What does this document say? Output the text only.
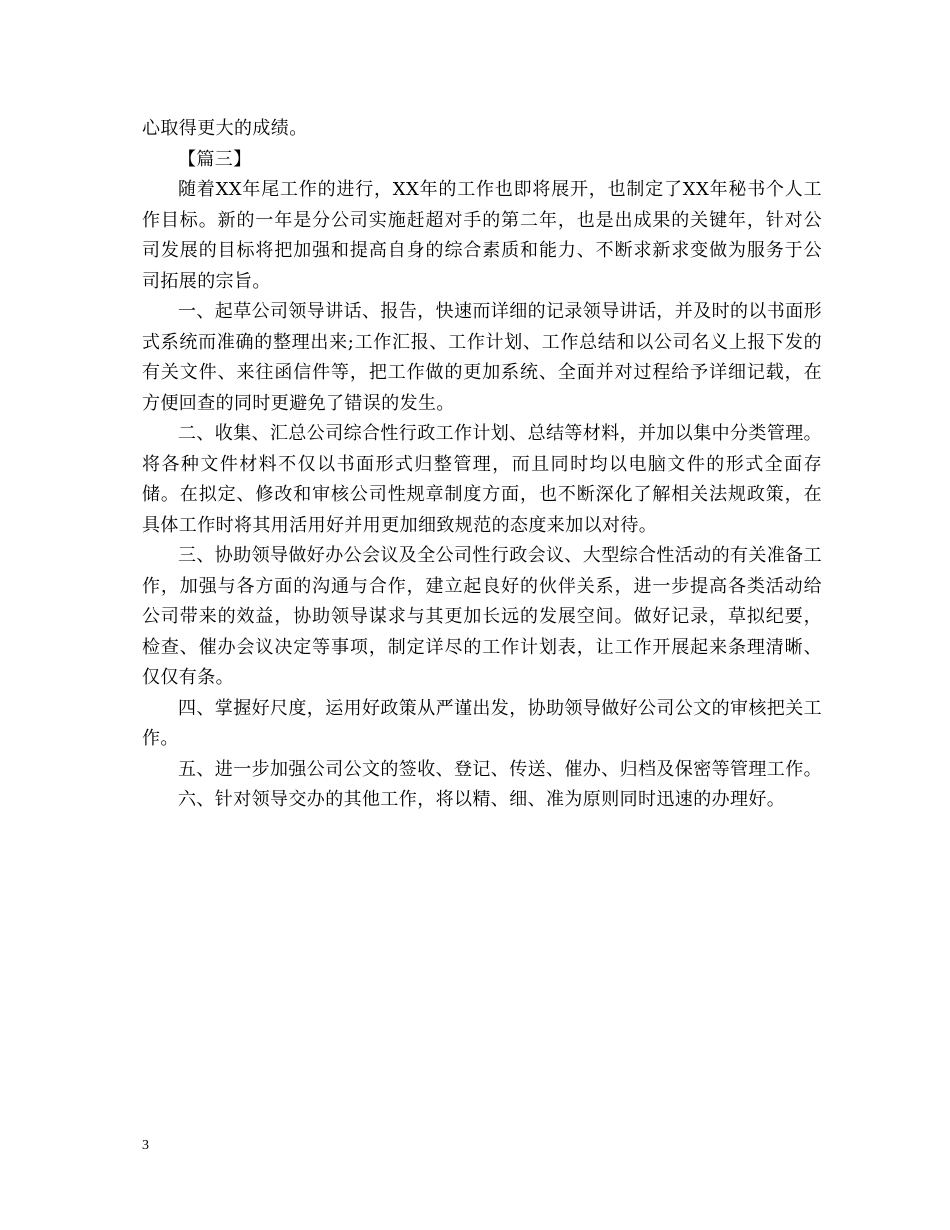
心取得更大的成绩。

【篇三】

随着XX年尾工作的进行，XX年的工作也即将展开，也制定了XX年秘书个人工作目标。新的一年是分公司实施赶超对手的第二年，也是出成果的关键年，针对公司发展的目标将把加强和提高自身的综合素质和能力、不断求新求变做为服务于公司拓展的宗旨。

一、起草公司领导讲话、报告，快速而详细的记录领导讲话，并及时的以书面形式系统而准确的整理出来;工作汇报、工作计划、工作总结和以公司名义上报下发的有关文件、来往函信件等，把工作做的更加系统、全面并对过程给予详细记载，在方便回查的同时更避免了错误的发生。

二、收集、汇总公司综合性行政工作计划、总结等材料，并加以集中分类管理。将各种文件材料不仅以书面形式归整管理，而且同时均以电脑文件的形式全面存储。在拟定、修改和审核公司性规章制度方面，也不断深化了解相关法规政策，在具体工作时将其用活用好并用更加细致规范的态度来加以对待。

三、协助领导做好办公会议及全公司性行政会议、大型综合性活动的有关准备工作，加强与各方面的沟通与合作，建立起良好的伙伴关系，进一步提高各类活动给公司带来的效益，协助领导谋求与其更加长远的发展空间。做好记录，草拟纪要，检查、催办会议决定等事项，制定详尽的工作计划表，让工作开展起来条理清晰、仅仅有条。

四、掌握好尺度，运用好政策从严谨出发，协助领导做好公司公文的审核把关工作。

五、进一步加强公司公文的签收、登记、传送、催办、归档及保密等管理工作。

六、针对领导交办的其他工作，将以精、细、准为原则同时迅速的办理好。

3
